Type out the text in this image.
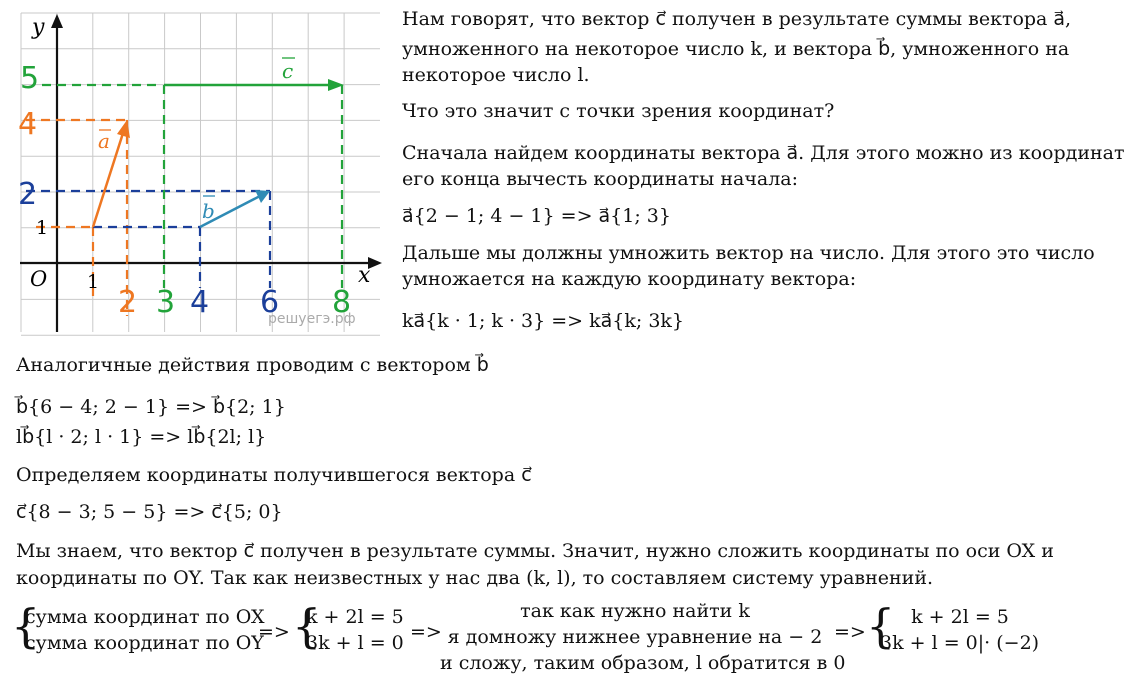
a
b
c
y
x
O 1
1
5
4
2
2 3 4 6 8
решуегэ.рф
Нам говорят, что вектор c⃗ получен в результате суммы вектора a⃗,
умноженного на некоторое число k, и вектора b⃗, умноженного на
некоторое число l.
Что это значит с точки зрения координат?
Сначала найдем координаты вектора a⃗. Для этого можно из координат
его конца вычесть координаты начала:
a⃗{2 − 1; 4 − 1} => a⃗{1; 3}
Дальше мы должны умножить вектор на число. Для этого это число
умножается на каждую координату вектора:
ka⃗{k · 1; k · 3} => ka⃗{k; 3k}
Аналогичные действия проводим с вектором b⃗
b⃗{6 − 4; 2 − 1} => b⃗{2; 1}
lb⃗{l · 2; l · 1} => lb⃗{2l; l}
Определяем координаты получившегося вектора c⃗
c⃗{8 − 3; 5 − 5} => c⃗{5; 0}
Мы знаем, что вектор c⃗ получен в результате суммы. Значит, нужно сложить координаты по оси OX и
координаты по OY. Так как неизвестных у нас два (k, l), то составляем систему уравнений.
{
сумма координат по OX
сумма координат по OY
=> {
k + 2l = 5
3k + l = 0 =>
так как нужно найти k
я домножу нижнее уравнение на − 2
и сложу, таким образом, l обратится в 0
=> { k + 2l = 5
3k + l = 0|· (−2)
